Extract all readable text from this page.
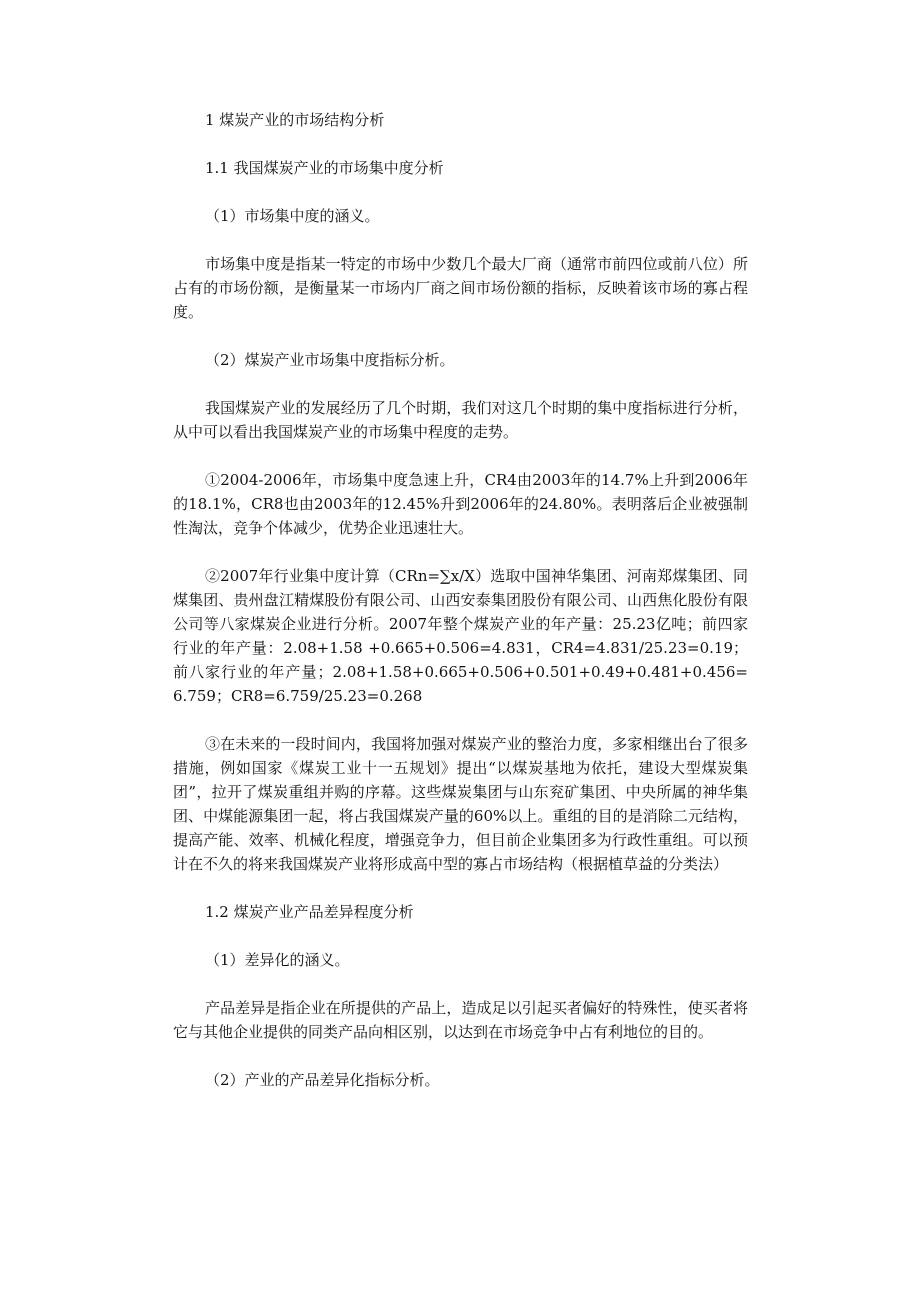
1 煤炭产业的市场结构分析

1.1 我国煤炭产业的市场集中度分析

（1）市场集中度的涵义。

市场集中度是指某一特定的市场中少数几个最大厂商（通常市前四位或前八位）所占有的市场份额，是衡量某一市场内厂商之间市场份额的指标，反映着该市场的寡占程度。

（2）煤炭产业市场集中度指标分析。

我国煤炭产业的发展经历了几个时期，我们对这几个时期的集中度指标进行分析，从中可以看出我国煤炭产业的市场集中程度的走势。

①2004-2006年，市场集中度急速上升，CR4由2003年的14.7%上升到2006年的18.1%，CR8也由2003年的12.45%升到2006年的24.80%。表明落后企业被强制性淘汰，竞争个体减少，优势企业迅速壮大。

②2007年行业集中度计算（CRn=∑x/X）选取中国神华集团、河南郑煤集团、同煤集团、贵州盘江精煤股份有限公司、山西安泰集团股份有限公司、山西焦化股份有限公司等八家煤炭企业进行分析。2007年整个煤炭产业的年产量：25.23亿吨；前四家行业的年产量：2.08+1.58 +0.665+0.506=4.831，CR4=4.831/25.23=0.19；前八家行业的年产量；2.08+1.58+0.665+0.506+0.501+0.49+0.481+0.456=6.759；CR8=6.759/25.23=0.268

③在未来的一段时间内，我国将加强对煤炭产业的整治力度，多家相继出台了很多措施，例如国家《煤炭工业十一五规划》提出“以煤炭基地为依托，建设大型煤炭集团”，拉开了煤炭重组并购的序幕。这些煤炭集团与山东兖矿集团、中央所属的神华集团、中煤能源集团一起，将占我国煤炭产量的60%以上。重组的目的是消除二元结构，提高产能、效率、机械化程度，增强竞争力，但目前企业集团多为行政性重组。可以预计在不久的将来我国煤炭产业将形成高中型的寡占市场结构（根据植草益的分类法）

1.2 煤炭产业产品差异程度分析

（1）差异化的涵义。

产品差异是指企业在所提供的产品上，造成足以引起买者偏好的特殊性，使买者将它与其他企业提供的同类产品向相区别，以达到在市场竞争中占有利地位的目的。

（2）产业的产品差异化指标分析。
